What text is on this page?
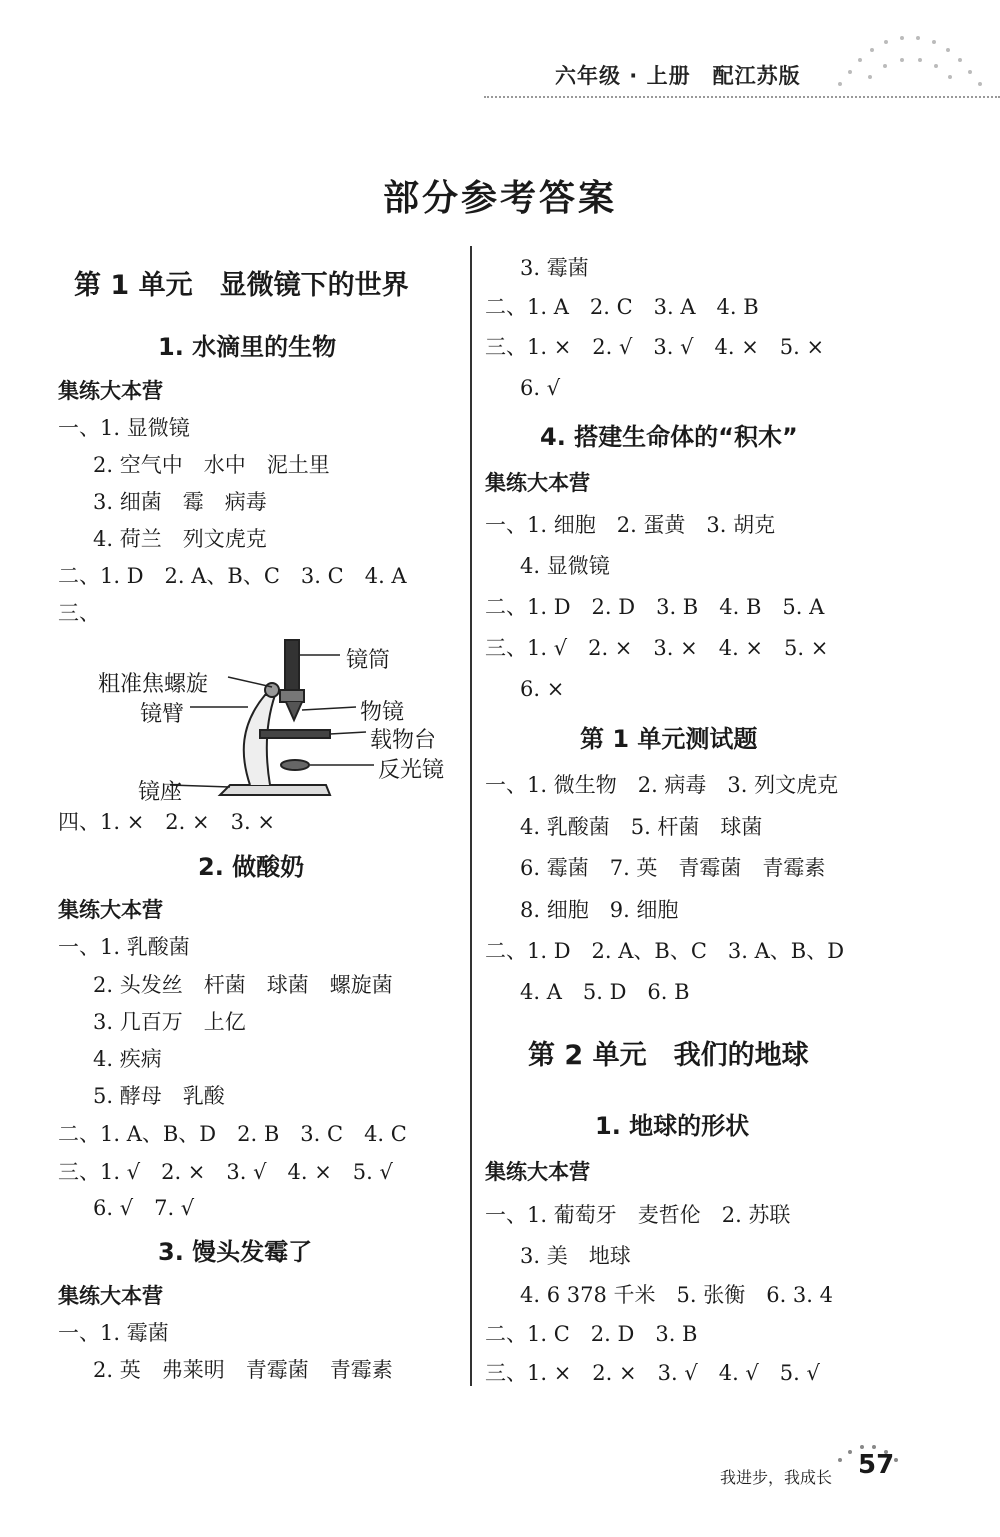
六年级 · 上册　配江苏版
部分参考答案
第 1 单元　显微镜下的世界
1. 水滴里的生物
集练大本营
一、1. 显微镜
2. 空气中　水中　泥土里
3. 细菌　霉　病毒
4. 荷兰　列文虎克
二、1. D　2. A、B、C　3. C　4. A
三、
粗准焦螺旋
镜臂
镜座
镜筒
物镜
载物台
反光镜
四、1. ×　2. ×　3. ×
2. 做酸奶
集练大本营
一、1. 乳酸菌
2. 头发丝　杆菌　球菌　螺旋菌
3. 几百万　上亿
4. 疾病
5. 酵母　乳酸
二、1. A、B、D　2. B　3. C　4. C
三、1. √　2. ×　3. √　4. ×　5. √
6. √　7. √
3. 馒头发霉了
集练大本营
一、1. 霉菌
2. 英　弗莱明　青霉菌　青霉素
3. 霉菌
二、1. A　2. C　3. A　4. B
三、1. ×　2. √　3. √　4. ×　5. ×
6. √
4. 搭建生命体的“积木”
集练大本营
一、1. 细胞　2. 蛋黄　3. 胡克
4. 显微镜
二、1. D　2. D　3. B　4. B　5. A
三、1. √　2. ×　3. ×　4. ×　5. ×
6. ×
第 1 单元测试题
一、1. 微生物　2. 病毒　3. 列文虎克
4. 乳酸菌　5. 杆菌　球菌
6. 霉菌　7. 英　青霉菌　青霉素
8. 细胞　9. 细胞
二、1. D　2. A、B、C　3. A、B、D
4. A　5. D　6. B
第 2 单元　我们的地球
1. 地球的形状
集练大本营
一、1. 葡萄牙　麦哲伦　2. 苏联
3. 美　地球
4. 6 378 千米　5. 张衡　6. 3. 4
二、1. C　2. D　3. B
三、1. ×　2. ×　3. √　4. √　5. √
我进步，我成长 57
